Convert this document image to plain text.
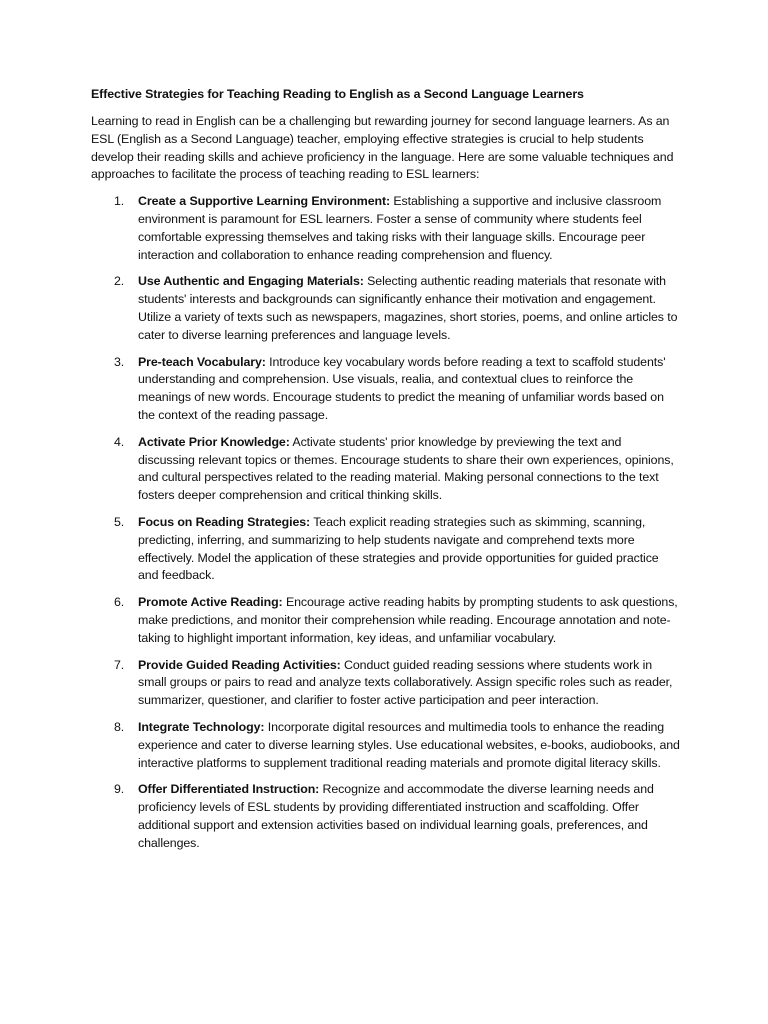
Effective Strategies for Teaching Reading to English as a Second Language Learners

Learning to read in English can be a challenging but rewarding journey for second language learners. As an ESL (English as a Second Language) teacher, employing effective strategies is crucial to help students develop their reading skills and achieve proficiency in the language. Here are some valuable techniques and approaches to facilitate the process of teaching reading to ESL learners:

1. Create a Supportive Learning Environment: Establishing a supportive and inclusive classroom environment is paramount for ESL learners. Foster a sense of community where students feel comfortable expressing themselves and taking risks with their language skills. Encourage peer interaction and collaboration to enhance reading comprehension and fluency.
2. Use Authentic and Engaging Materials: Selecting authentic reading materials that resonate with students' interests and backgrounds can significantly enhance their motivation and engagement. Utilize a variety of texts such as newspapers, magazines, short stories, poems, and online articles to cater to diverse learning preferences and language levels.
3. Pre-teach Vocabulary: Introduce key vocabulary words before reading a text to scaffold students' understanding and comprehension. Use visuals, realia, and contextual clues to reinforce the meanings of new words. Encourage students to predict the meaning of unfamiliar words based on the context of the reading passage.
4. Activate Prior Knowledge: Activate students' prior knowledge by previewing the text and discussing relevant topics or themes. Encourage students to share their own experiences, opinions, and cultural perspectives related to the reading material. Making personal connections to the text fosters deeper comprehension and critical thinking skills.
5. Focus on Reading Strategies: Teach explicit reading strategies such as skimming, scanning, predicting, inferring, and summarizing to help students navigate and comprehend texts more effectively. Model the application of these strategies and provide opportunities for guided practice and feedback.
6. Promote Active Reading: Encourage active reading habits by prompting students to ask questions, make predictions, and monitor their comprehension while reading. Encourage annotation and note-taking to highlight important information, key ideas, and unfamiliar vocabulary.
7. Provide Guided Reading Activities: Conduct guided reading sessions where students work in small groups or pairs to read and analyze texts collaboratively. Assign specific roles such as reader, summarizer, questioner, and clarifier to foster active participation and peer interaction.
8. Integrate Technology: Incorporate digital resources and multimedia tools to enhance the reading experience and cater to diverse learning styles. Use educational websites, e-books, audiobooks, and interactive platforms to supplement traditional reading materials and promote digital literacy skills.
9. Offer Differentiated Instruction: Recognize and accommodate the diverse learning needs and proficiency levels of ESL students by providing differentiated instruction and scaffolding. Offer additional support and extension activities based on individual learning goals, preferences, and challenges.
